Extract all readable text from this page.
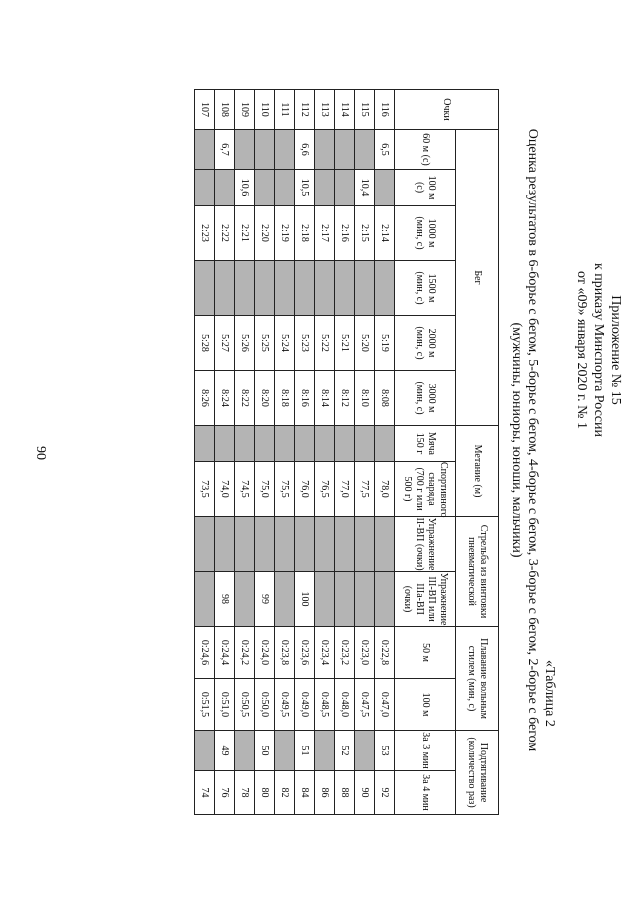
90
Приложение № 15
к приказу Минспорта России
от «09» января 2020 г. № 1
«Таблица 2
Оценка результатов в 6-борье с бегом, 5-борье с бегом, 4-борье с бегом, 3-борье с бегом, 2-борье с бегом
(мужчины, юниоры, юноши, мальчики)
Очки	Бег						Метание (м)		Стрельба из винтовки пневматической		Плавание вольным стилем (мин, с)		Подтягивание (количество раз)	
	60 м (с)	100 м (с)	1000 м (мин, с)	1500 м (мин, с)	2000 м (мин, с)	3000 м (мин, с)	Мяча 150 г	Спортивного снаряда (700 г или 500 г)	Упражнение II-ВП (очки)	Упражнение III-ВП или IIIа-ВП (очки)	50 м	100 м	За 3 мин	За 4 мин
116	6,5		2:14		5:19	8:08		78,0			0:22,8	0:47,0	53	92
115		10,4	2:15		5:20	8:10		77,5			0:23,0	0:47,5		90
114			2:16		5:21	8:12		77,0			0:23,2	0:48,0	52	88
113			2:17		5:22	8:14		76,5			0:23,4	0:48,5		86
112	6,6	10,5	2:18		5:23	8:16		76,0		100	0:23,6	0:49,0	51	84
111			2:19		5:24	8:18		75,5			0:23,8	0:49,5		82
110			2:20		5:25	8:20		75,0		99	0:24,0	0:50,0	50	80
109		10,6	2:21		5:26	8:22		74,5			0:24,2	0:50,5		78
108	6,7		2:22		5:27	8:24		74,0		98	0:24,4	0:51,0	49	76
107			2:23		5:28	8:26		73,5			0:24,6	0:51,5		74
